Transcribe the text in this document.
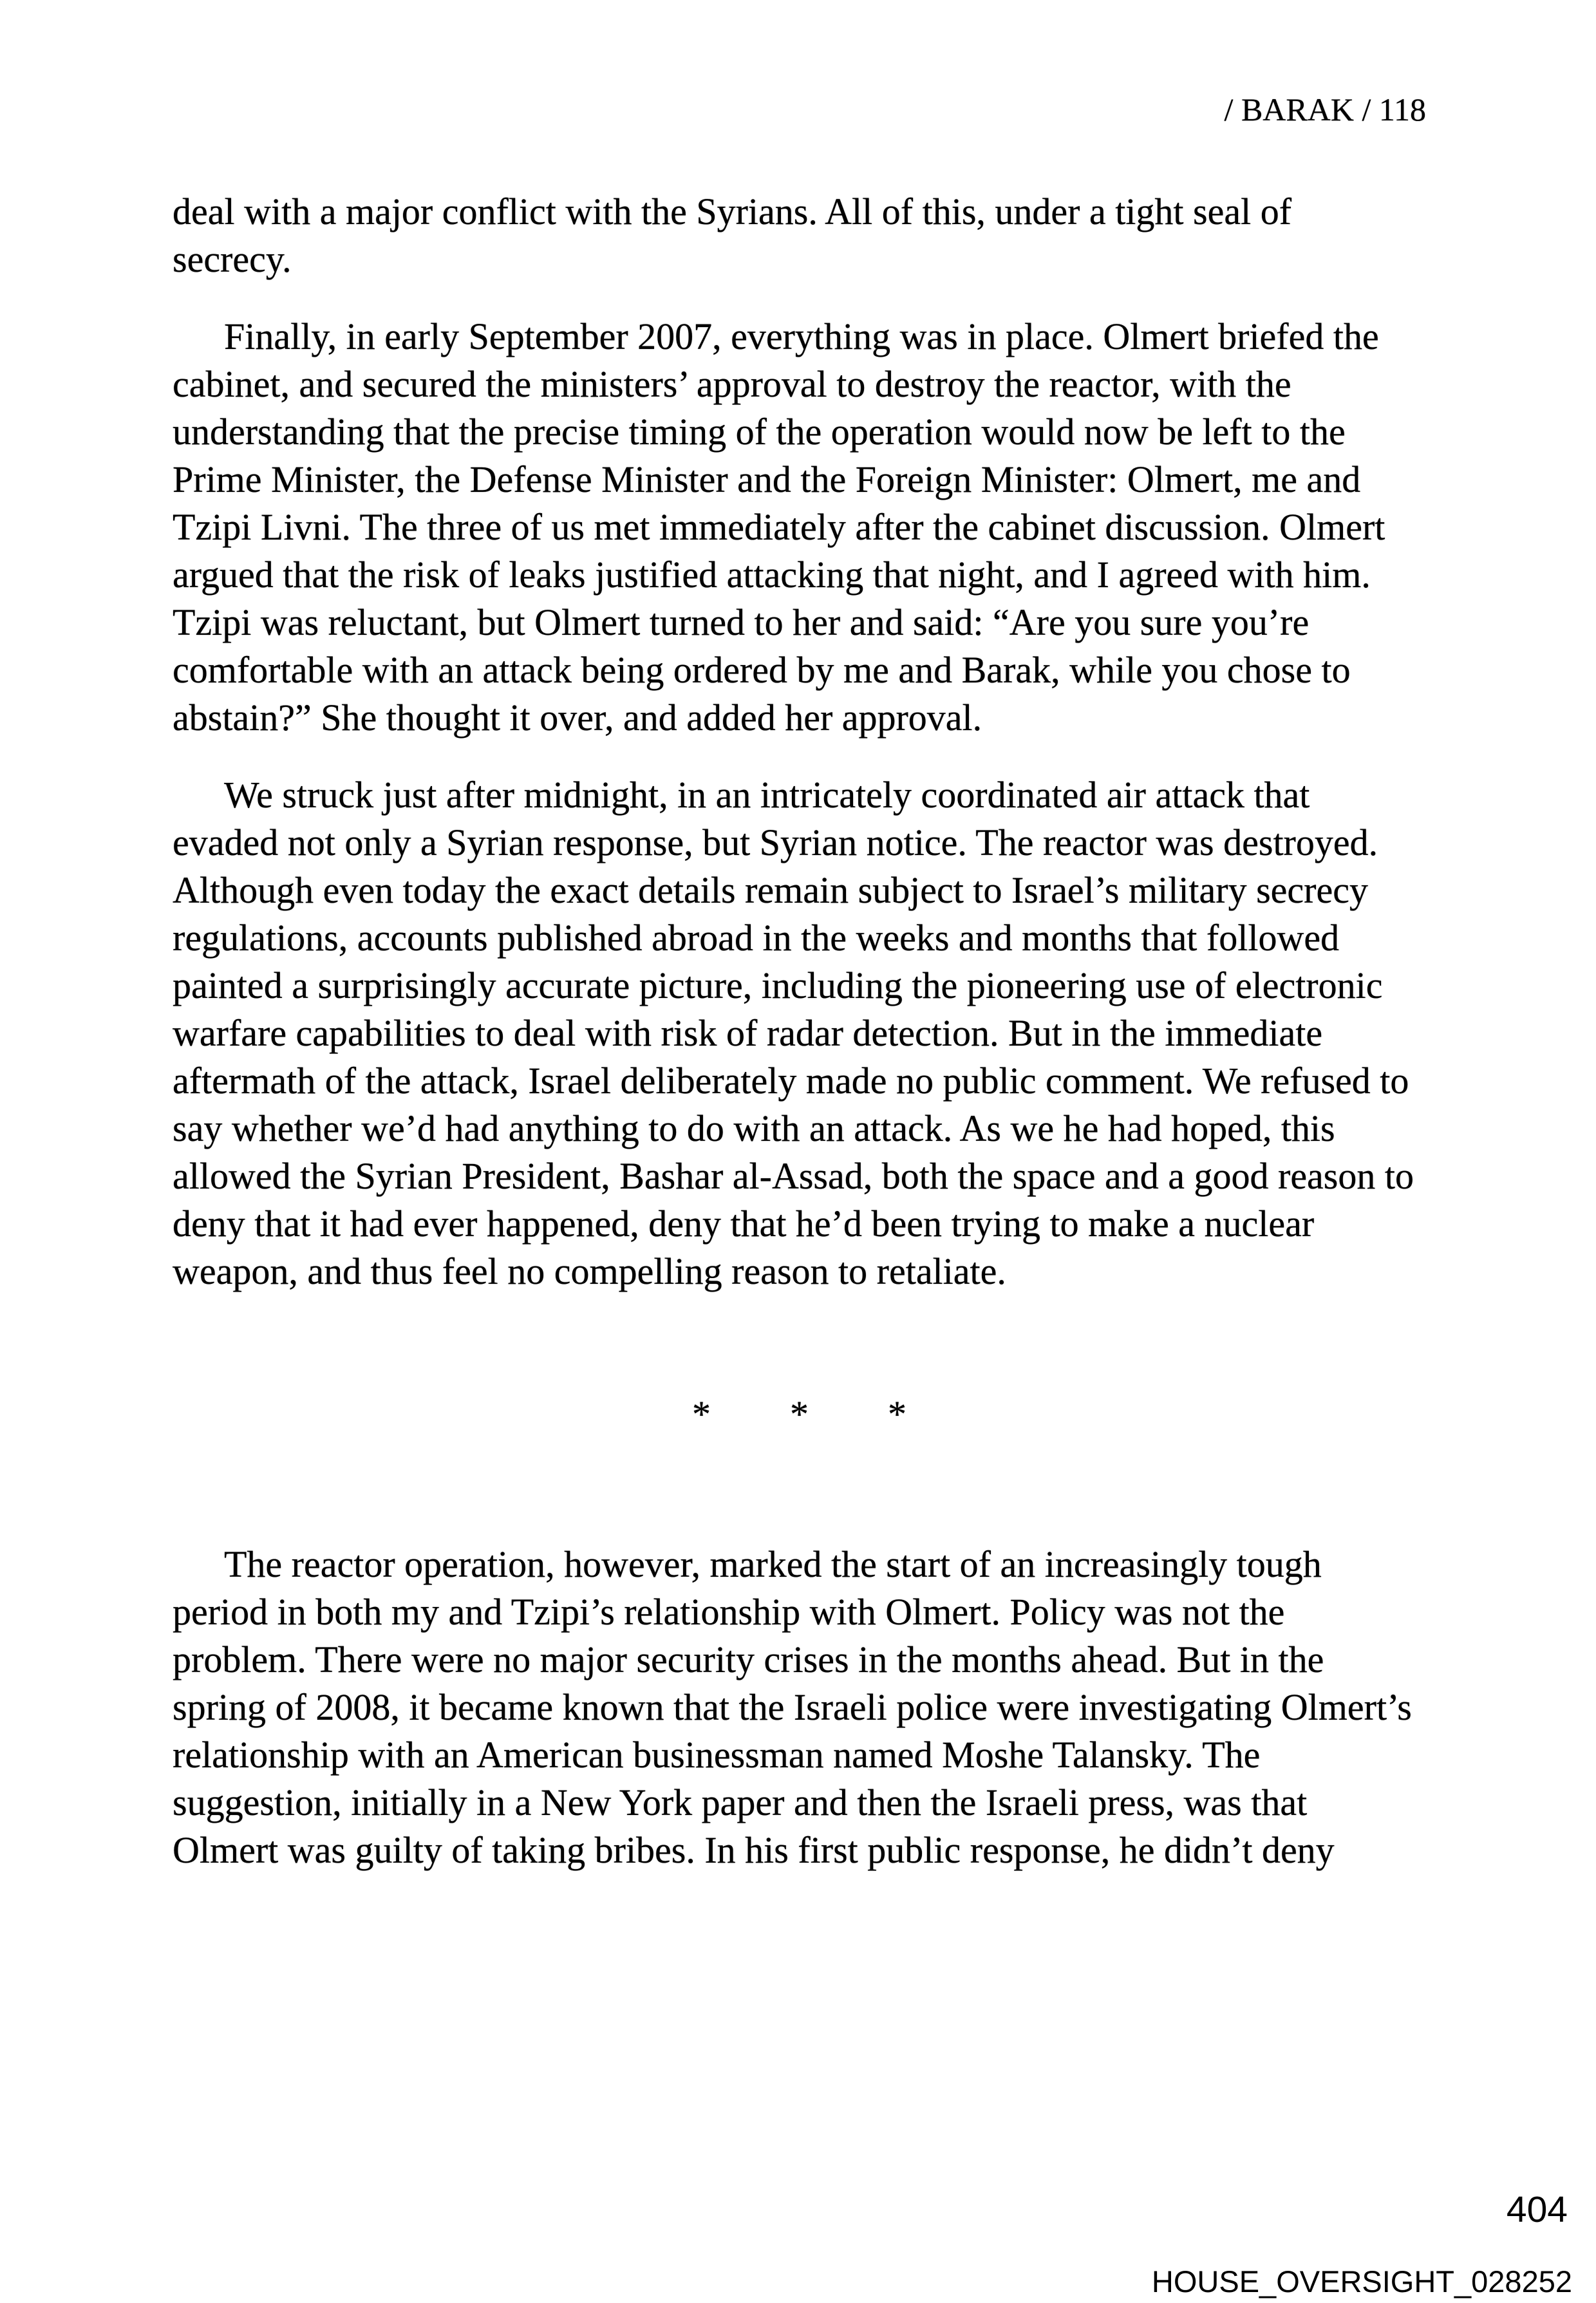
/ BARAK / 118
deal with a major conflict with the Syrians. All of this, under a tight seal of
secrecy.
Finally, in early September 2007, everything was in place. Olmert briefed the
cabinet, and secured the ministers’ approval to destroy the reactor, with the
understanding that the precise timing of the operation would now be left to the
Prime Minister, the Defense Minister and the Foreign Minister: Olmert, me and
Tzipi Livni. The three of us met immediately after the cabinet discussion. Olmert
argued that the risk of leaks justified attacking that night, and I agreed with him.
Tzipi was reluctant, but Olmert turned to her and said: “Are you sure you’re
comfortable with an attack being ordered by me and Barak, while you chose to
abstain?” She thought it over, and added her approval.
We struck just after midnight, in an intricately coordinated air attack that
evaded not only a Syrian response, but Syrian notice. The reactor was destroyed.
Although even today the exact details remain subject to Israel’s military secrecy
regulations, accounts published abroad in the weeks and months that followed
painted a surprisingly accurate picture, including the pioneering use of electronic
warfare capabilities to deal with risk of radar detection. But in the immediate
aftermath of the attack, Israel deliberately made no public comment. We refused to
say whether we’d had anything to do with an attack. As we he had hoped, this
allowed the Syrian President, Bashar al-Assad, both the space and a good reason to
deny that it had ever happened, deny that he’d been trying to make a nuclear
weapon, and thus feel no compelling reason to retaliate.
* * *
The reactor operation, however, marked the start of an increasingly tough
period in both my and Tzipi’s relationship with Olmert. Policy was not the
problem. There were no major security crises in the months ahead. But in the
spring of 2008, it became known that the Israeli police were investigating Olmert’s
relationship with an American businessman named Moshe Talansky. The
suggestion, initially in a New York paper and then the Israeli press, was that
Olmert was guilty of taking bribes. In his first public response, he didn’t deny
404
HOUSE_OVERSIGHT_028252
